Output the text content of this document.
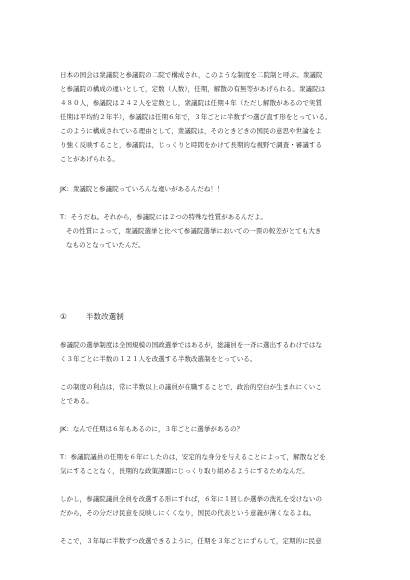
日本の国会は衆議院と参議院の二院で構成され，このような制度を二院制と呼ぶ。衆議院
と参議院の構成の違いとして，定数（人数），任期，解散の有無等があげられる。衆議院は
４８０人，参議院は２４２人を定数とし，衆議院は任期４年（ただし解散があるので実質
任期は平均約２年半），参議院は任期６年で，３年ごとに半数ずつ選び直す形をとっている。
このように構成されている理由として，衆議院は，そのときどきの国民の意思や世論をよ
り強く反映すること，参議院は，じっくりと時間をかけて長期的な視野で調査・審議する
ことがあげられる。
JK：衆議院と参議院っていろんな違いがあるんだね！！
T：そうだね。それから，参議院には２つの特殊な性質があるんだよ。
その性質によって，衆議院選挙と比べて参議院選挙においての一票の較差がとても大き
なものとなっていたんだ。
①	半数改選制
参議院の選挙制度は全国規模の国政選挙ではあるが，総議員を一斉に選出するわけではな
く３年ごとに半数の１２１人を改選する半数改選制をとっている。
この制度の利点は，常に半数以上の議員が在職することで，政治的空白が生まれにくいこ
とである。
JK：なんで任期は６年もあるのに，３年ごとに選挙があるの？
T：参議院議員の任期を６年にしたのは，安定的な身分を与えることによって，解散などを
気にすることなく，長期的な政策課題にじっくり取り組めるようにするためなんだ。
しかし，参議院議員全員を改選する形にすれば，６年に１回しか選挙の洗礼を受けないの
だから，その分だけ民意を反映しにくくなり，国民の代表という意義が薄くなるよね。
そこで，３年毎に半数ずつ改選できるように，任期を３年ごとにずらして，定期的に民意
